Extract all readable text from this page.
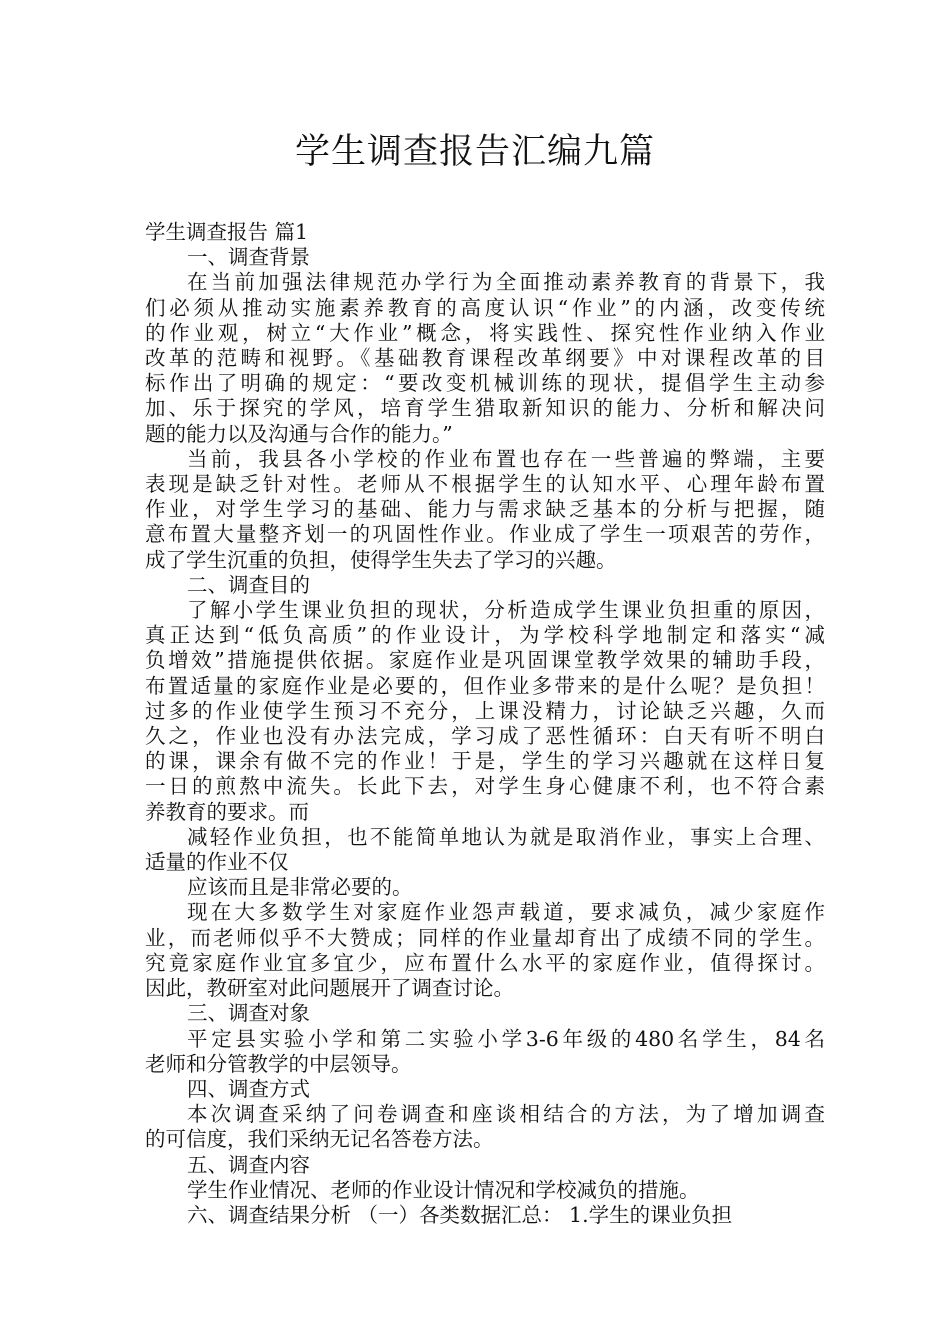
学生调查报告汇编九篇

学生调查报告 篇1

一、调查背景

在当前加强法律规范办学行为全面推动素养教育的背景下，我

们必须从推动实施素养教育的高度认识“作业”的内涵，改变传统

的作业观，树立“大作业”概念，将实践性、探究性作业纳入作业

改革的范畴和视野。《基础教育课程改革纲要》中对课程改革的目

标作出了明确的规定：“要改变机械训练的现状，提倡学生主动参

加、乐于探究的学风，培育学生猎取新知识的能力、分析和解决问

题的能力以及沟通与合作的能力。”

当前，我县各小学校的作业布置也存在一些普遍的弊端，主要

表现是缺乏针对性。老师从不根据学生的认知水平、心理年龄布置

作业，对学生学习的基础、能力与需求缺乏基本的分析与把握，随

意布置大量整齐划一的巩固性作业。作业成了学生一项艰苦的劳作，

成了学生沉重的负担，使得学生失去了学习的兴趣。

二、调查目的

了解小学生课业负担的现状，分析造成学生课业负担重的原因，

真正达到“低负高质”的作业设计，为学校科学地制定和落实“减

负增效”措施提供依据。家庭作业是巩固课堂教学效果的辅助手段，

布置适量的家庭作业是必要的，但作业多带来的是什么呢？是负担！

过多的作业使学生预习不充分，上课没精力，讨论缺乏兴趣，久而

久之，作业也没有办法完成，学习成了恶性循环：白天有听不明白

的课，课余有做不完的作业！于是，学生的学习兴趣就在这样日复

一日的煎熬中流失。长此下去，对学生身心健康不利，也不符合素

养教育的要求。而

减轻作业负担，也不能简单地认为就是取消作业，事实上合理、

适量的作业不仅

应该而且是非常必要的。

现在大多数学生对家庭作业怨声载道，要求减负，减少家庭作

业，而老师似乎不大赞成；同样的作业量却育出了成绩不同的学生。

究竟家庭作业宜多宜少，应布置什么水平的家庭作业，值得探讨。

因此，教研室对此问题展开了调查讨论。

三、调查对象

平定县实验小学和第二实验小学3-6年级的480名学生，84名

老师和分管教学的中层领导。

四、调查方式

本次调查采纳了问卷调查和座谈相结合的方法，为了增加调查

的可信度，我们采纳无记名答卷方法。

五、调查内容

学生作业情况、老师的作业设计情况和学校减负的措施。

六、调查结果分析 （一）各类数据汇总： 1.学生的课业负担
